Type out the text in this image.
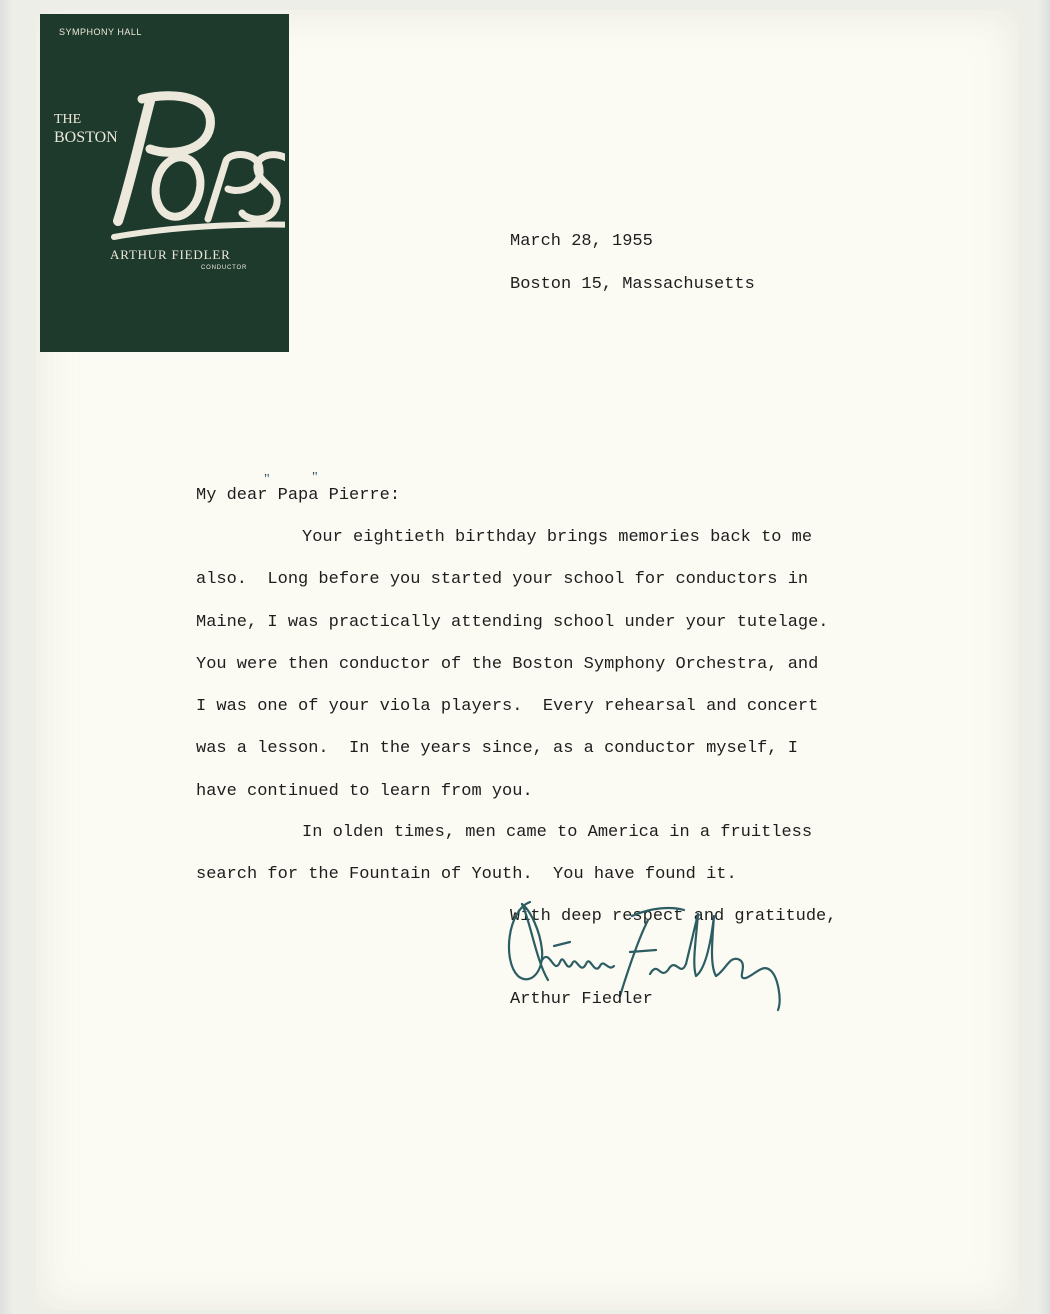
SYMPHONY HALL
THE
BOSTON
ARTHUR FIEDLER
CONDUCTOR

March 28, 1955

Boston 15, Massachusetts

My dear Papa Pierre:

"	"

Your eightieth birthday brings memories back to me

also.  Long before you started your school for conductors in

Maine, I was practically attending school under your tutelage.

You were then conductor of the Boston Symphony Orchestra, and

I was one of your viola players.  Every rehearsal and concert

was a lesson.  In the years since, as a conductor myself, I

have continued to learn from you.

In olden times, men came to America in a fruitless

search for the Fountain of Youth.  You have found it.

With deep respect and gratitude,

Arthur Fiedler
